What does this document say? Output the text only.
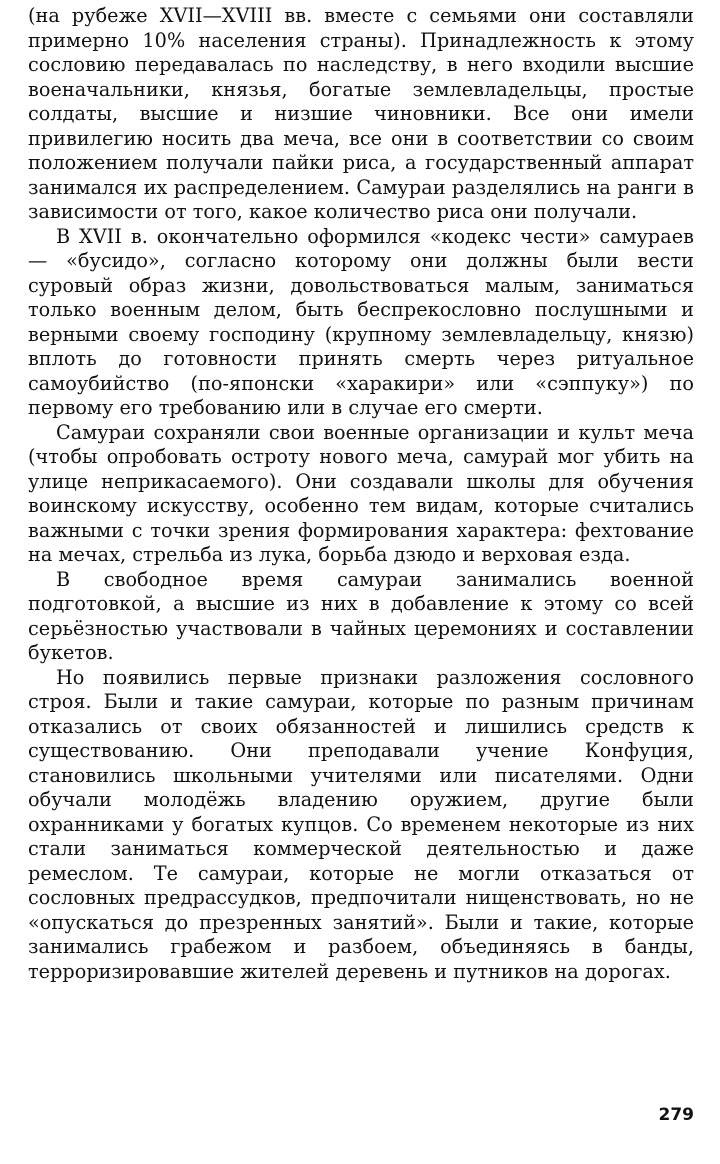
(на рубеже XVII—XVIII вв. вместе с семьями они составляли примерно 10% населения страны). Принадлежность к этому сословию передавалась по наследству, в него входили высшие военачальники, князья, богатые землевладельцы, простые солдаты, высшие и низшие чиновники. Все они имели привилегию носить два меча, все они в соответствии со своим положением получали пайки риса, а государственный аппарат занимался их распределением. Самураи разделялись на ранги в зависимости от того, какое количество риса они получали.

В XVII в. окончательно оформился «кодекс чести» самураев — «бусидо», согласно которому они должны были вести суровый образ жизни, довольствоваться малым, заниматься только военным делом, быть беспрекословно послушными и верными своему господину (крупному землевладельцу, князю) вплоть до готовности принять смерть через ритуальное самоубийство (по-японски «харакири» или «сэппуку») по первому его требованию или в случае его смерти.

Самураи сохраняли свои военные организации и культ меча (чтобы опробовать остроту нового меча, самурай мог убить на улице неприкасаемого). Они создавали школы для обучения воинскому искусству, особенно тем видам, которые считались важными с точки зрения формирования характера: фехтование на мечах, стрельба из лука, борьба дзюдо и верховая езда.

В свободное время самураи занимались военной подготовкой, а высшие из них в добавление к этому со всей серьёзностью участвовали в чайных церемониях и составлении букетов.

Но появились первые признаки разложения сословного строя. Были и такие самураи, которые по разным причинам отказались от своих обязанностей и лишились средств к существованию. Они преподавали учение Конфуция, становились школьными учителями или писателями. Одни обучали молодёжь владению оружием, другие были охранниками у богатых купцов. Со временем некоторые из них стали заниматься коммерческой деятельностью и даже ремеслом. Те самураи, которые не могли отказаться от сословных предрассудков, предпочитали нищенствовать, но не «опускаться до презренных занятий». Были и такие, которые занимались грабежом и разбоем, объединяясь в банды, терроризировавшие жителей деревень и путников на дорогах.

279
